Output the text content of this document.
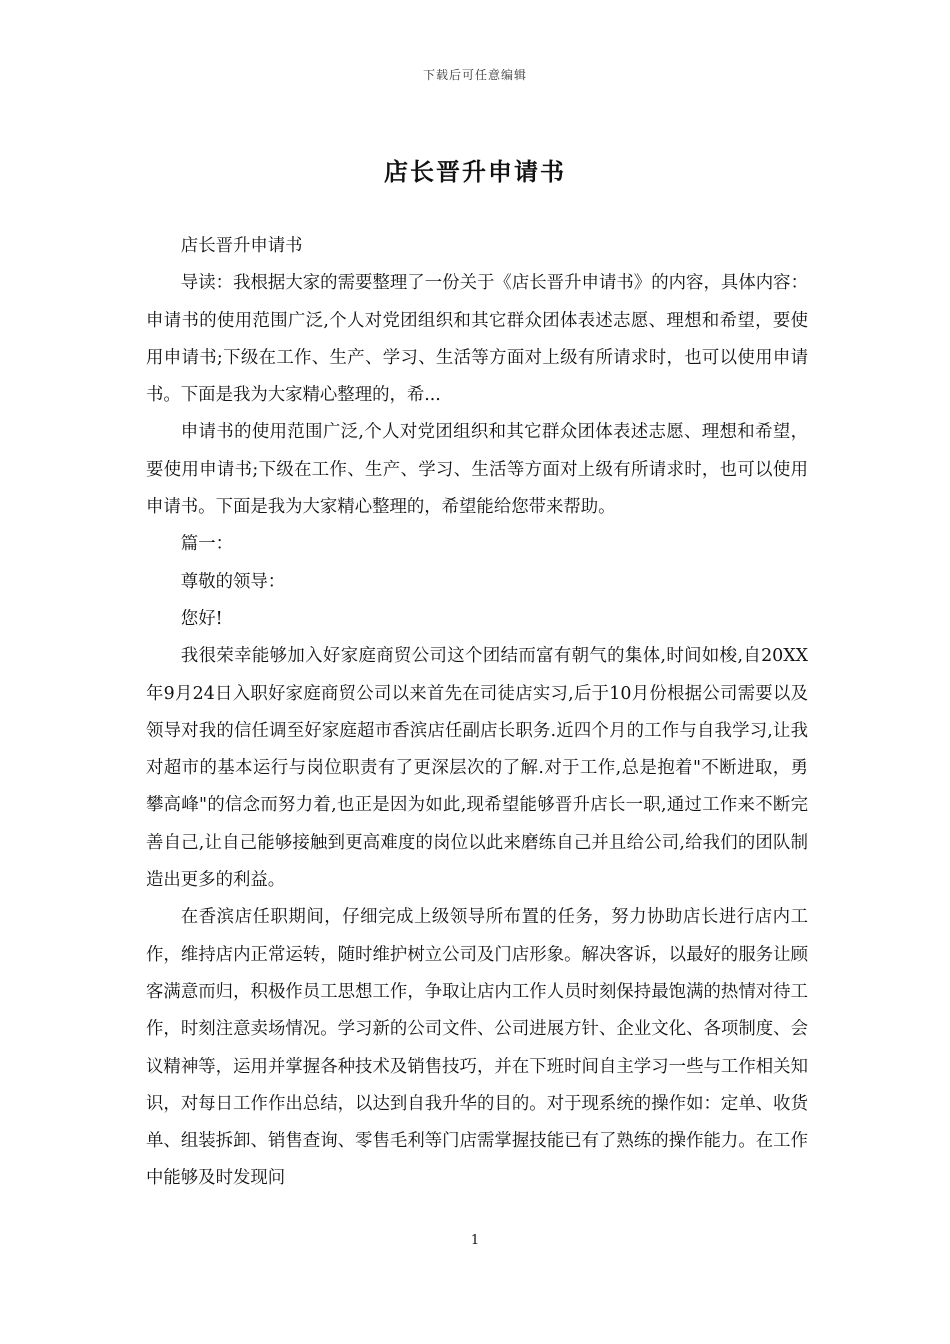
下载后可任意编辑
店长晋升申请书

店长晋升申请书

导读：我根据大家的需要整理了一份关于《店长晋升申请书》的内容，具体内容：申请书的使用范围广泛,个人对党团组织和其它群众团体表述志愿、理想和希望，要使用申请书;下级在工作、生产、学习、生活等方面对上级有所请求时，也可以使用申请书。下面是我为大家精心整理的，希...

申请书的使用范围广泛,个人对党团组织和其它群众团体表述志愿、理想和希望，要使用申请书;下级在工作、生产、学习、生活等方面对上级有所请求时，也可以使用申请书。下面是我为大家精心整理的，希望能给您带来帮助。

篇一：

尊敬的领导：

您好!

我很荣幸能够加入好家庭商贸公司这个团结而富有朝气的集体,时间如梭,自20XX年9月24日入职好家庭商贸公司以来首先在司徒店实习,后于10月份根据公司需要以及领导对我的信任调至好家庭超市香滨店任副店长职务.近四个月的工作与自我学习,让我对超市的基本运行与岗位职责有了更深层次的了解.对于工作,总是抱着"不断进取，勇攀高峰"的信念而努力着,也正是因为如此,现希望能够晋升店长一职,通过工作来不断完善自己,让自己能够接触到更高难度的岗位以此来磨练自己并且给公司,给我们的团队制造出更多的利益。

在香滨店任职期间，仔细完成上级领导所布置的任务，努力协助店长进行店内工作，维持店内正常运转，随时维护树立公司及门店形象。解决客诉，以最好的服务让顾客满意而归，积极作员工思想工作，争取让店内工作人员时刻保持最饱满的热情对待工作，时刻注意卖场情况。学习新的公司文件、公司进展方针、企业文化、各项制度、会议精神等，运用并掌握各种技术及销售技巧，并在下班时间自主学习一些与工作相关知识，对每日工作作出总结，以达到自我升华的目的。对于现系统的操作如：定单、收货单、组装拆卸、销售查询、零售毛利等门店需掌握技能已有了熟练的操作能力。在工作中能够及时发现问

1
